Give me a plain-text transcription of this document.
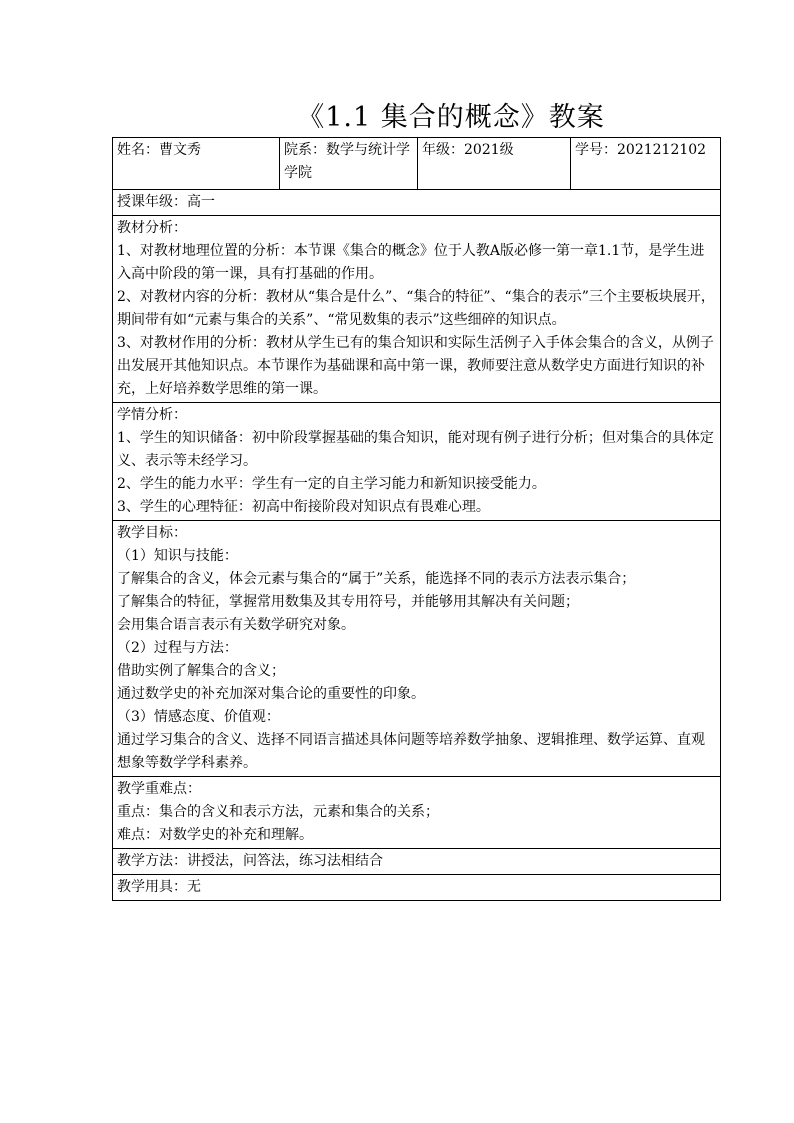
《1.1 集合的概念》教案
姓名：曹文秀	院系：数学与统计学学院	年级：2021级	学号：2021212102
授课年级：高一

教材分析：
1、对教材地理位置的分析：本节课《集合的概念》位于人教A版必修一第一章1.1节，是学生进入高中阶段的第一课，具有打基础的作用。
2、对教材内容的分析：教材从“集合是什么”、“集合的特征”、“集合的表示”三个主要板块展开，期间带有如“元素与集合的关系”、“常见数集的表示”这些细碎的知识点。
3、对教材作用的分析：教材从学生已有的集合知识和实际生活例子入手体会集合的含义，从例子出发展开其他知识点。本节课作为基础课和高中第一课，教师要注意从数学史方面进行知识的补充，上好培养数学思维的第一课。

学情分析：
1、学生的知识储备：初中阶段掌握基础的集合知识，能对现有例子进行分析；但对集合的具体定义、表示等未经学习。
2、学生的能力水平：学生有一定的自主学习能力和新知识接受能力。
3、学生的心理特征：初高中衔接阶段对知识点有畏难心理。

教学目标：
（1）知识与技能：
了解集合的含义，体会元素与集合的“属于”关系，能选择不同的表示方法表示集合；
了解集合的特征，掌握常用数集及其专用符号，并能够用其解决有关问题；
会用集合语言表示有关数学研究对象。
（2）过程与方法：
借助实例了解集合的含义；
通过数学史的补充加深对集合论的重要性的印象。
（3）情感态度、价值观：
通过学习集合的含义、选择不同语言描述具体问题等培养数学抽象、逻辑推理、数学运算、直观想象等数学学科素养。

教学重难点：
重点：集合的含义和表示方法，元素和集合的关系；
难点：对数学史的补充和理解。

教学方法：讲授法，问答法，练习法相结合
教学用具：无
